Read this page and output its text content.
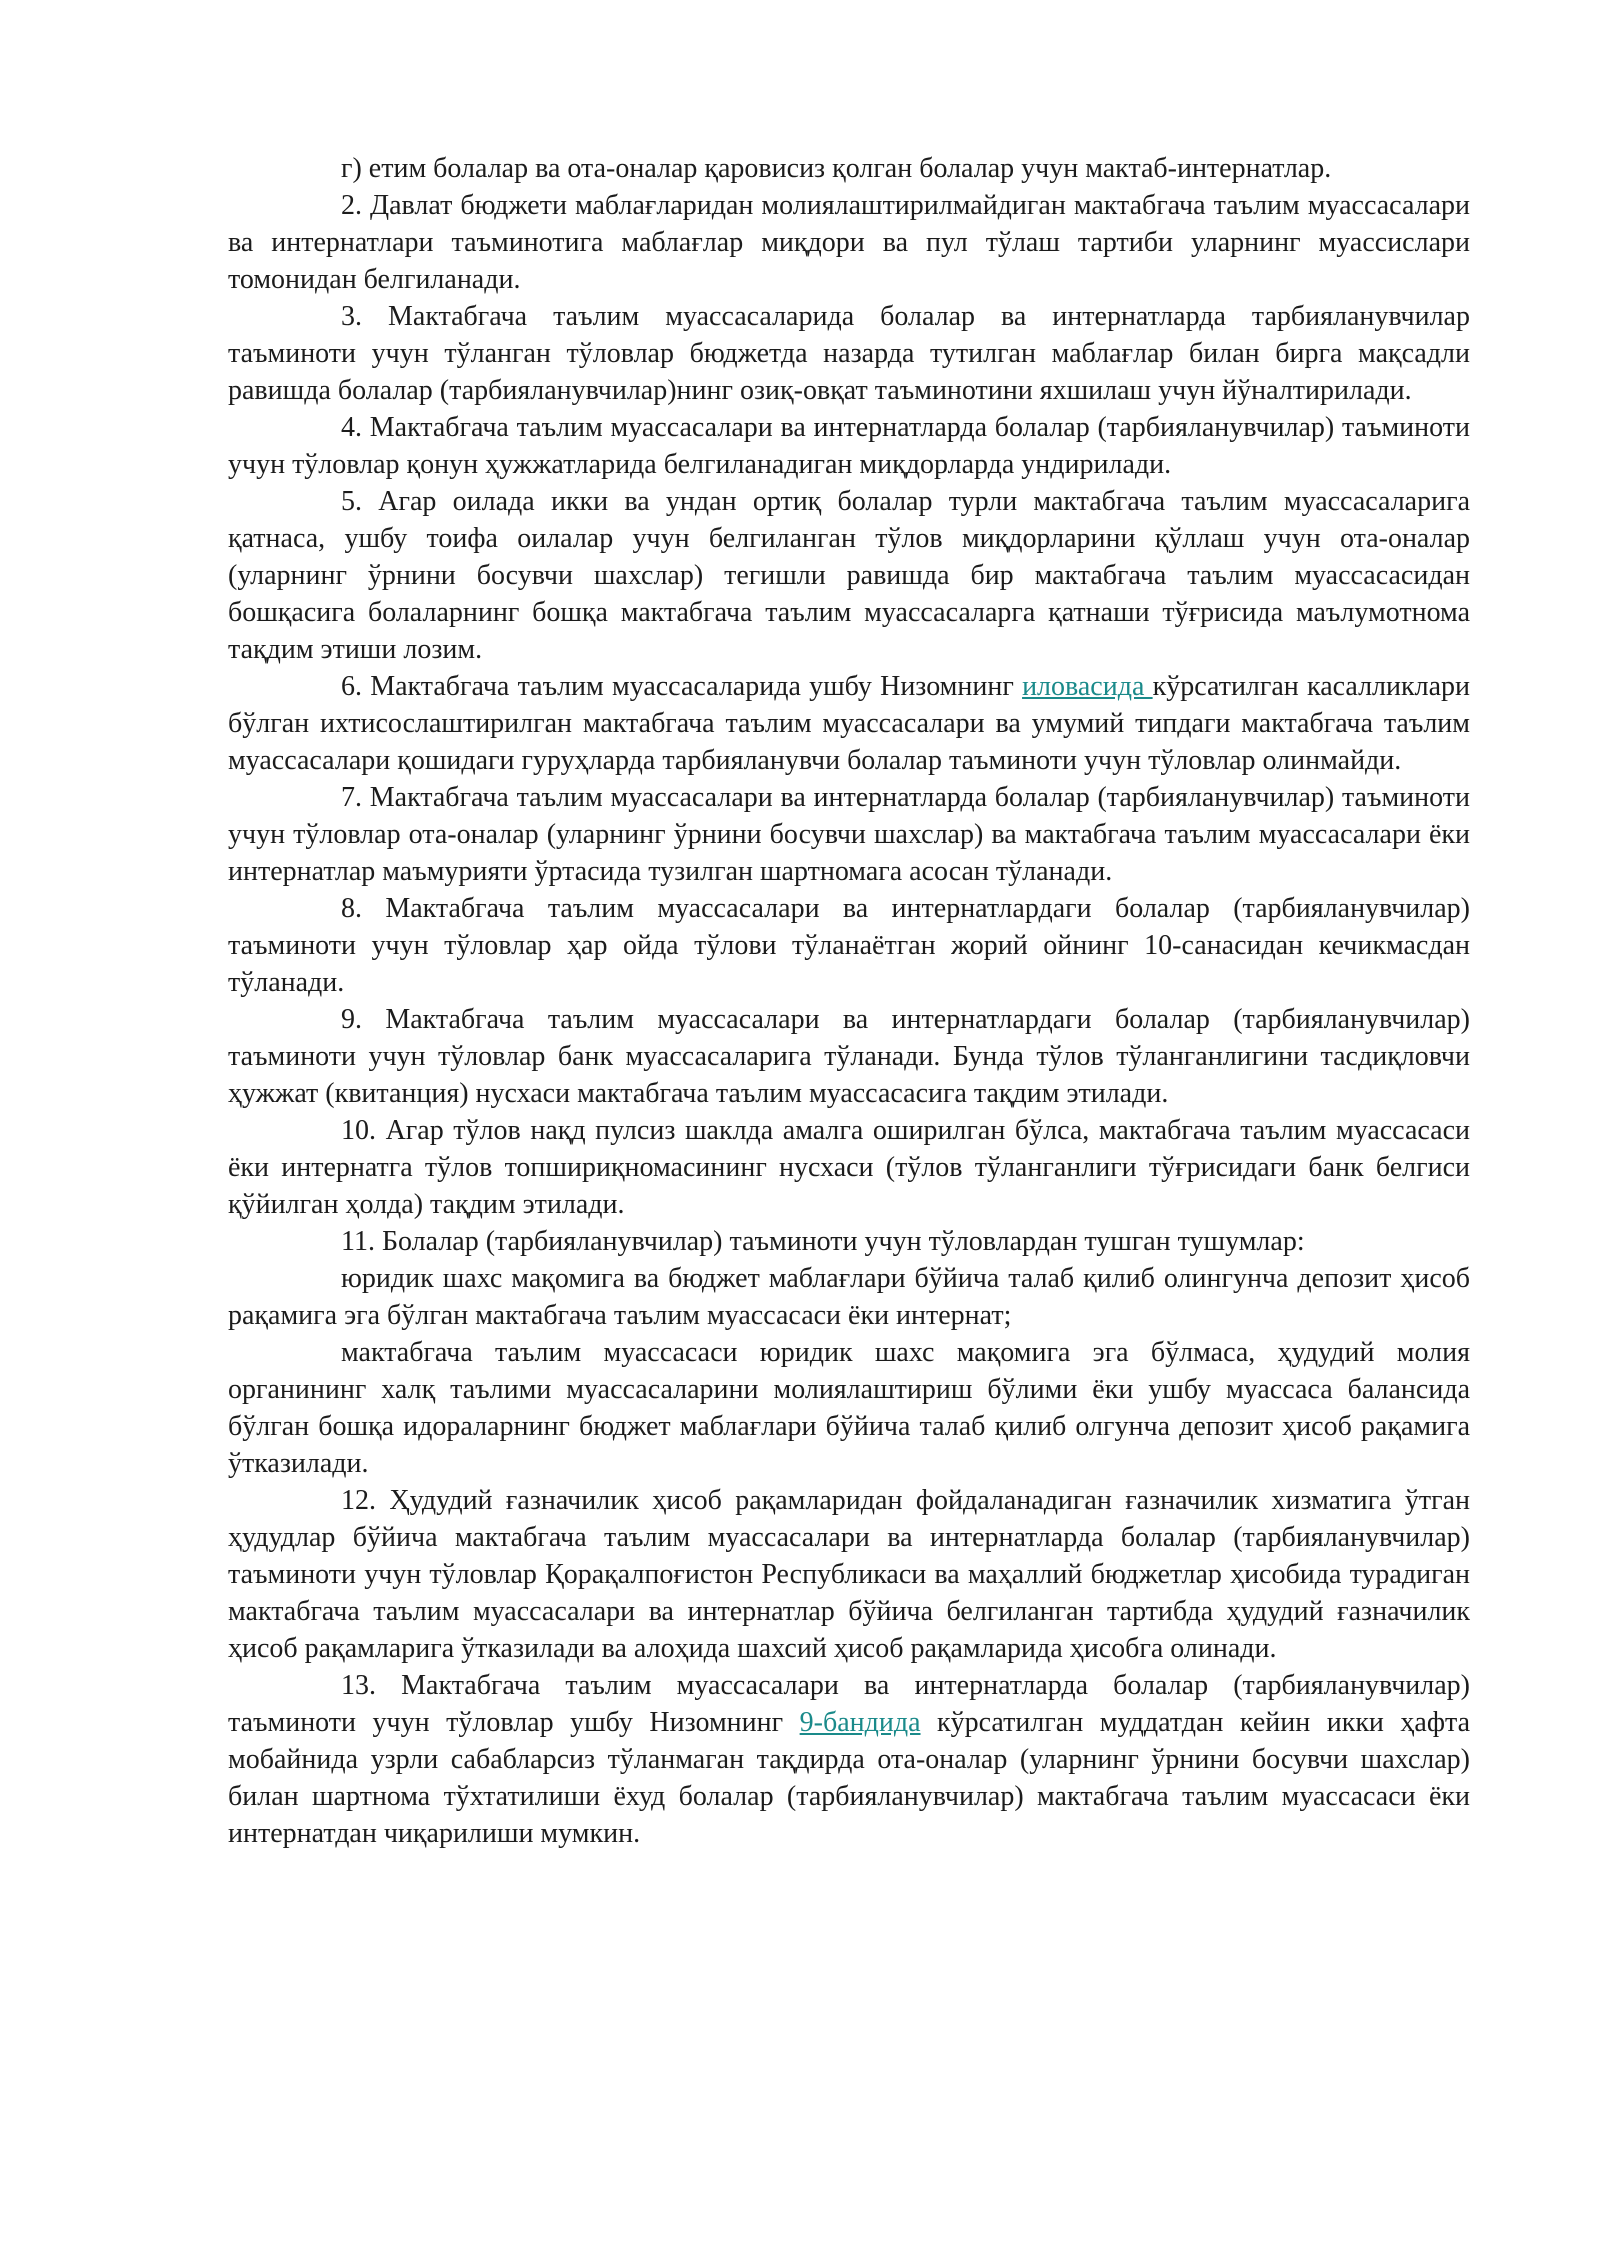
г) етим болалар ва ота-оналар қаровисиз қолган болалар учун мактаб-интернатлар.

2. Давлат бюджети маблағларидан молиялаштирилмайдиган мактабгача таълим муассасалари ва интернатлари таъминотига маблағлар миқдори ва пул тўлаш тартиби уларнинг муассислари томонидан белгиланади.

3. Мактабгача таълим муассасаларида болалар ва интернатларда тарбияланувчилар таъминоти учун тўланган тўловлар бюджетда назарда тутилган маблағлар билан бирга мақсадли равишда болалар (тарбияланувчилар)нинг озиқ-овқат таъминотини яхшилаш учун йўналтирилади.

4. Мактабгача таълим муассасалари ва интернатларда болалар (тарбияланувчилар) таъминоти учун тўловлар қонун ҳужжатларида белгиланадиган миқдорларда ундирилади.

5. Агар оилада икки ва ундан ортиқ болалар турли мактабгача таълим муассасаларига қатнаса, ушбу тоифа оилалар учун белгиланган тўлов миқдорларини қўллаш учун ота-оналар (уларнинг ўрнини босувчи шахслар) тегишли равишда бир мактабгача таълим муассасасидан бошқасига болаларнинг бошқа мактабгача таълим муассасаларга қатнаши тўғрисида маълумотнома тақдим этиши лозим.

6. Мактабгача таълим муассасаларида ушбу Низомнинг иловасида кўрсатилган касалликлари бўлган ихтисослаштирилган мактабгача таълим муассасалари ва умумий типдаги мактабгача таълим муассасалари қошидаги гуруҳларда тарбияланувчи болалар таъминоти учун тўловлар олинмайди.

7. Мактабгача таълим муассасалари ва интернатларда болалар (тарбияланувчилар) таъминоти учун тўловлар ота-оналар (уларнинг ўрнини босувчи шахслар) ва мактабгача таълим муассасалари ёки интернатлар маъмурияти ўртасида тузилган шартномага асосан тўланади.

8. Мактабгача таълим муассасалари ва интернатлардаги болалар (тарбияланувчилар) таъминоти учун тўловлар ҳар ойда тўлови тўланаётган жорий ойнинг 10-санасидан кечикмасдан тўланади.

9. Мактабгача таълим муассасалари ва интернатлардаги болалар (тарбияланувчилар) таъминоти учун тўловлар банк муассасаларига тўланади. Бунда тўлов тўланганлигини тасдиқловчи ҳужжат (квитанция) нусхаси мактабгача таълим муассасасига тақдим этилади.

10. Агар тўлов нақд пулсиз шаклда амалга оширилган бўлса, мактабгача таълим муассасаси ёки интернатга тўлов топшириқномасининг нусхаси (тўлов тўланганлиги тўғрисидаги банк белгиси қўйилган ҳолда) тақдим этилади.

11. Болалар (тарбияланувчилар) таъминоти учун тўловлардан тушган тушумлар:

юридик шахс мақомига ва бюджет маблағлари бўйича талаб қилиб олингунча депозит ҳисоб рақамига эга бўлган мактабгача таълим муассасаси ёки интернат;

мактабгача таълим муассасаси юридик шахс мақомига эга бўлмаса, ҳудудий молия органининг халқ таълими муассасаларини молиялаштириш бўлими ёки ушбу муассаса балансида бўлган бошқа идораларнинг бюджет маблағлари бўйича талаб қилиб олгунча депозит ҳисоб рақамига ўтказилади.

12. Ҳудудий ғазначилик ҳисоб рақамларидан фойдаланадиган ғазначилик хизматига ўтган ҳудудлар бўйича мактабгача таълим муассасалари ва интернатларда болалар (тарбияланувчилар) таъминоти учун тўловлар Қорақалпоғистон Республикаси ва маҳаллий бюджетлар ҳисобида турадиган мактабгача таълим муассасалари ва интернатлар бўйича белгиланган тартибда ҳудудий ғазначилик ҳисоб рақамларига ўтказилади ва алоҳида шахсий ҳисоб рақамларида ҳисобга олинади.

13. Мактабгача таълим муассасалари ва интернатларда болалар (тарбияланувчилар) таъминоти учун тўловлар ушбу Низомнинг 9-бандида кўрсатилган муддатдан кейин икки ҳафта мобайнида узрли сабабларсиз тўланмаган тақдирда ота-оналар (уларнинг ўрнини босувчи шахслар) билан шартнома тўхтатилиши ёхуд болалар (тарбияланувчилар) мактабгача таълим муассасаси ёки интернатдан чиқарилиши мумкин.
